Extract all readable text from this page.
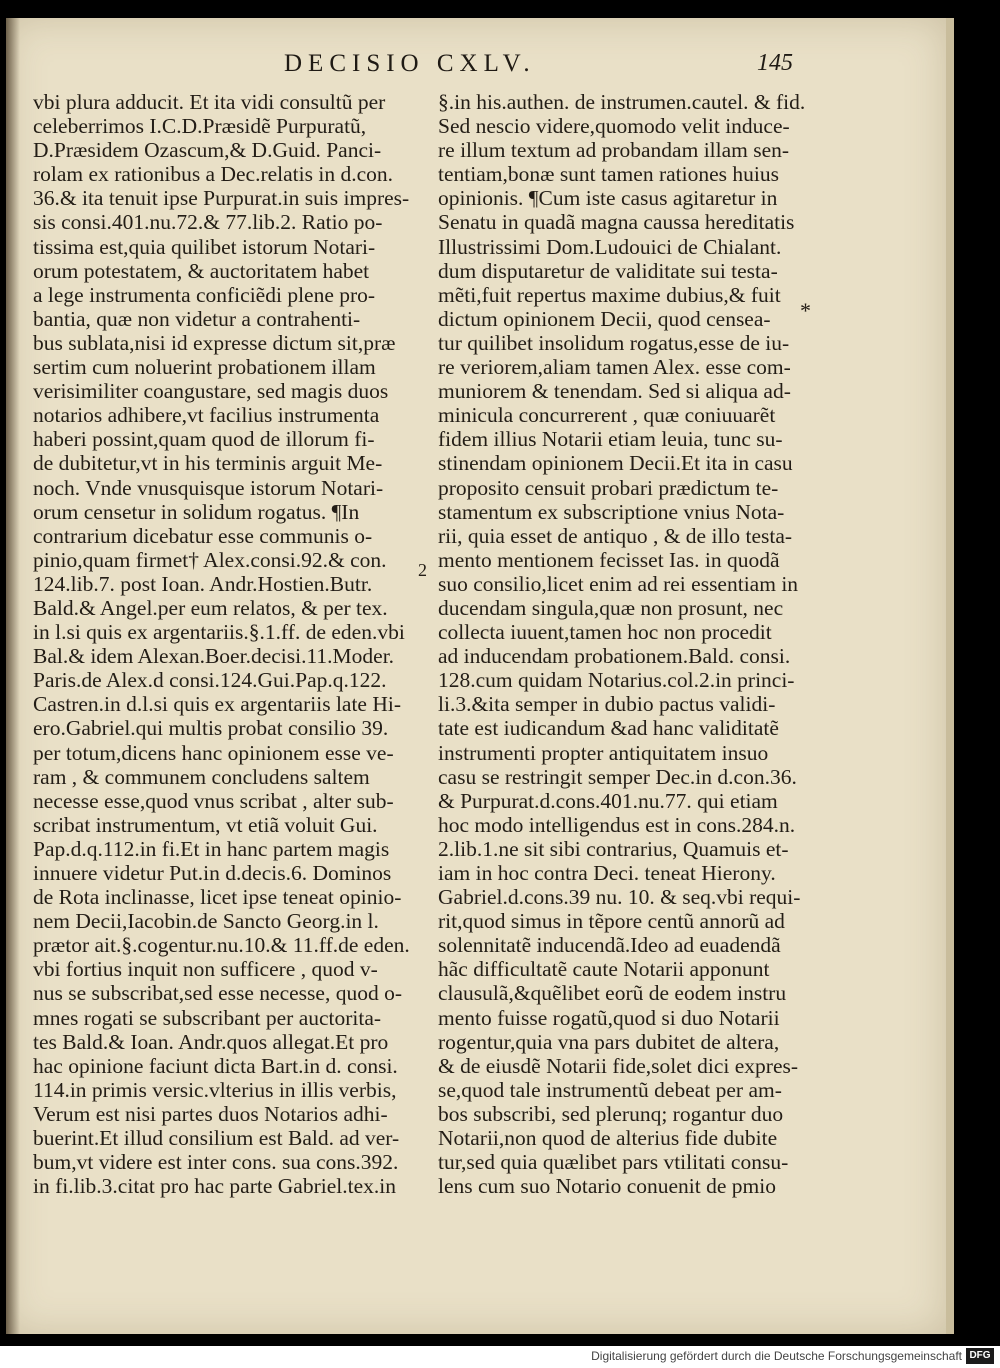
DECISIO CXLV.	145
vbi plura adducit. Et ita vidi consultũ per
celeberrimos I.C.D.Præsidẽ Purpuratũ,
D.Præsidem Ozascum,& D.Guid. Panci-
rolam ex rationibus a Dec.relatis in d.con.
36.& ita tenuit ipse Purpurat.in suis impres-
sis consi.401.nu.72.& 77.lib.2. Ratio po-
tissima est,quia quilibet istorum Notari-
orum potestatem, & auctoritatem habet
a lege instrumenta conficiẽdi plene pro-
bantia, quæ non videtur a contrahenti-
bus sublata,nisi id expresse dictum sit,præ
sertim cum noluerint probationem illam
verisimiliter coangustare, sed magis duos
notarios adhibere,vt facilius instrumenta
haberi possint,quam quod de illorum fi-
de dubitetur,vt in his terminis arguit Me-
noch. Vnde vnusquisque istorum Notari-
orum censetur in solidum rogatus. ¶In
contrarium dicebatur esse communis o-
pinio,quam firmet† Alex.consi.92.& con.
124.lib.7. post Ioan. Andr.Hostien.Butr.
Bald.& Angel.per eum relatos, & per tex.
in l.si quis ex argentariis.§.1.ff. de eden.vbi
Bal.& idem Alexan.Boer.decisi.11.Moder.
Paris.de Alex.d consi.124.Gui.Pap.q.122.
Castren.in d.l.si quis ex argentariis late Hi-
ero.Gabriel.qui multis probat consilio 39.
per totum,dicens hanc opinionem esse ve-
ram , & communem concludens saltem
necesse esse,quod vnus scribat , alter sub-
scribat instrumentum, vt etiã voluit Gui.
Pap.d.q.112.in fi.Et in hanc partem magis
innuere videtur Put.in d.decis.6. Dominos
de Rota inclinasse, licet ipse teneat opinio-
nem Decii,Iacobin.de Sancto Georg.in l.
prætor ait.§.cogentur.nu.10.& 11.ff.de eden.
vbi fortius inquit non sufficere , quod v-
nus se subscribat,sed esse necesse, quod o-
mnes rogati se subscribant per auctorita-
tes Bald.& Ioan. Andr.quos allegat.Et pro
hac opinione faciunt dicta Bart.in d. consi.
114.in primis versic.vlterius in illis verbis,
Verum est nisi partes duos Notarios adhi-
buerint.Et illud consilium est Bald. ad ver-
bum,vt videre est inter cons. sua cons.392.
in fi.lib.3.citat pro hac parte Gabriel.tex.in
§.in his.authen. de instrumen.cautel. & fid.
Sed nescio videre,quomodo velit induce-
re illum textum ad probandam illam sen-
tentiam,bonæ sunt tamen rationes huius
opinionis. ¶Cum iste casus agitaretur in
Senatu in quadã magna caussa hereditatis
Illustrissimi Dom.Ludouici de Chialant.
dum disputaretur de validitate sui testa-
mẽti,fuit repertus maxime dubius,& fuit
dictum opinionem Decii, quod censea-
tur quilibet insolidum rogatus,esse de iu-
re veriorem,aliam tamen Alex. esse com-
muniorem & tenendam. Sed si aliqua ad-
minicula concurrerent , quæ coniuuarẽt
fidem illius Notarii etiam leuia, tunc su-
stinendam opinionem Decii.Et ita in casu
proposito censuit probari prædictum te-
stamentum ex subscriptione vnius Nota-
rii, quia esset de antiquo , & de illo testa-
mento mentionem fecisset Ias. in quodã
suo consilio,licet enim ad rei essentiam in
ducendam singula,quæ non prosunt, nec
collecta iuuent,tamen hoc non procedit
ad inducendam probationem.Bald. consi.
128.cum quidam Notarius.col.2.in princi-
li.3.&ita semper in dubio pactus validi-
tate est iudicandum &ad hanc validitatẽ
instrumenti propter antiquitatem insuo
casu se restringit semper Dec.in d.con.36.
& Purpurat.d.cons.401.nu.77. qui etiam
hoc modo intelligendus est in cons.284.n.
2.lib.1.ne sit sibi contrarius, Quamuis et-
iam in hoc contra Deci. teneat Hierony.
Gabriel.d.cons.39 nu. 10. & seq.vbi requi-
rit,quod simus in tẽpore centũ annorũ ad
solennitatẽ inducendã.Ideo ad euadendã
hãc difficultatẽ caute Notarii apponunt
clausulã,&quẽlibet eorũ de eodem instru
mento fuisse rogatũ,quod si duo Notarii
rogentur,quia vna pars dubitet de altera,
& de eiusdẽ Notarii fide,solet dici expres-
se,quod tale instrumentũ debeat per am-
bos subscribi, sed plerunq; rogantur duo
Notarii,non quod de alterius fide dubite
tur,sed quia quælibet pars vtilitati consu-
lens cum suo Notario conuenit de pmio
2
*
Digitalisierung gefördert durch die Deutsche Forschungsgemeinschaft DFG
